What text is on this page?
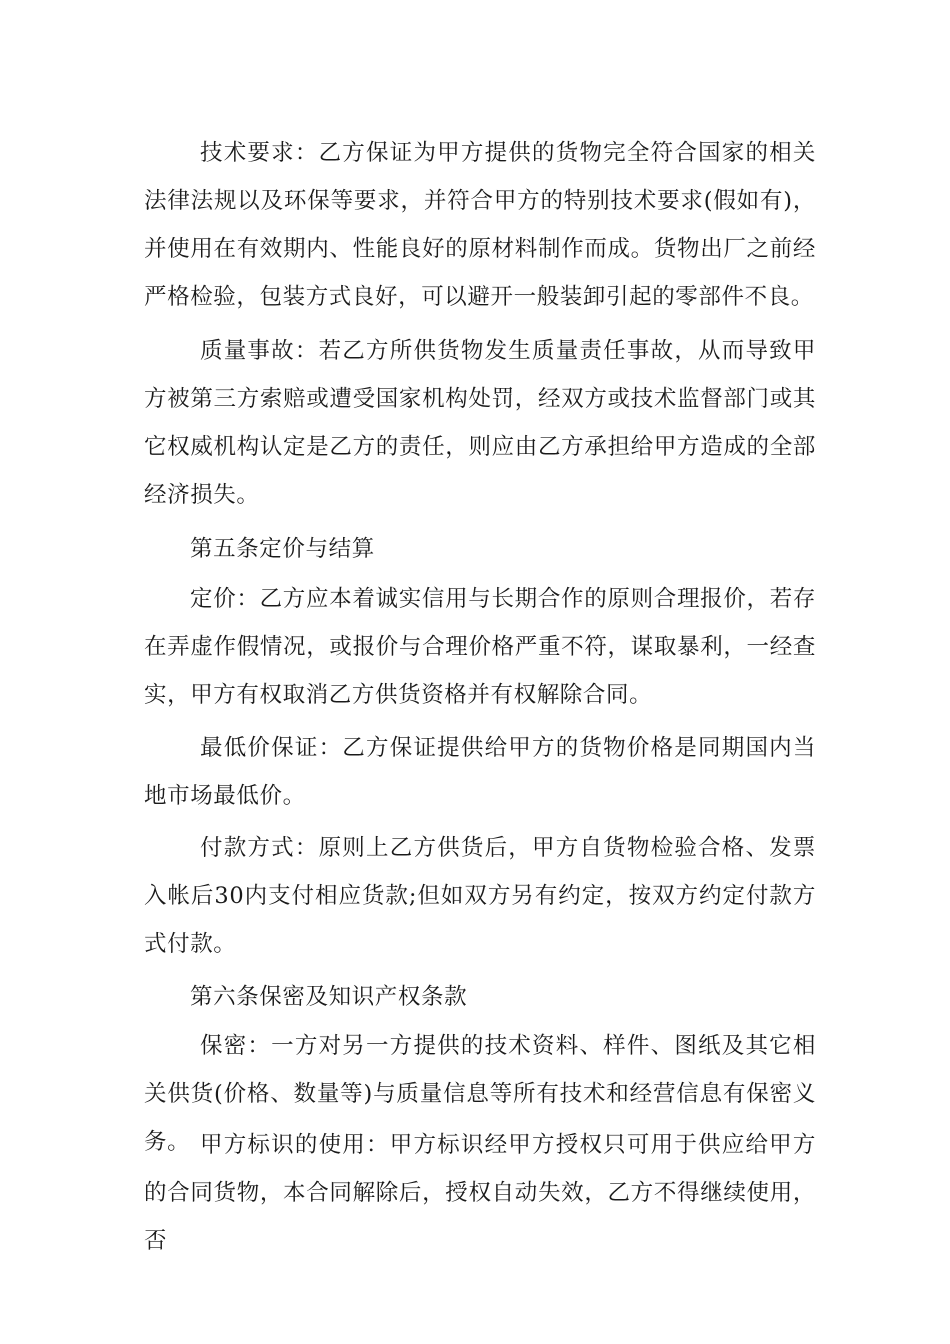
技术要求：乙方保证为甲方提供的货物完全符合国家的相关法律法规以及环保等要求，并符合甲方的特别技术要求(假如有)，并使用在有效期内、性能良好的原材料制作而成。货物出厂之前经严格检验，包装方式良好，可以避开一般装卸引起的零部件不良。

质量事故：若乙方所供货物发生质量责任事故，从而导致甲方被第三方索赔或遭受国家机构处罚，经双方或技术监督部门或其它权威机构认定是乙方的责任，则应由乙方承担给甲方造成的全部经济损失。

第五条定价与结算

定价：乙方应本着诚实信用与长期合作的原则合理报价，若存在弄虚作假情况，或报价与合理价格严重不符，谋取暴利，一经查实，甲方有权取消乙方供货资格并有权解除合同。

最低价保证：乙方保证提供给甲方的货物价格是同期国内当地市场最低价。

付款方式：原则上乙方供货后，甲方自货物检验合格、发票入帐后30内支付相应货款;但如双方另有约定，按双方约定付款方式付款。

第六条保密及知识产权条款

保密：一方对另一方提供的技术资料、样件、图纸及其它相关供货(价格、数量等)与质量信息等所有技术和经营信息有保密义务。 甲方标识的使用：甲方标识经甲方授权只可用于供应给甲方的合同货物，本合同解除后，授权自动失效，乙方不得继续使用，否
